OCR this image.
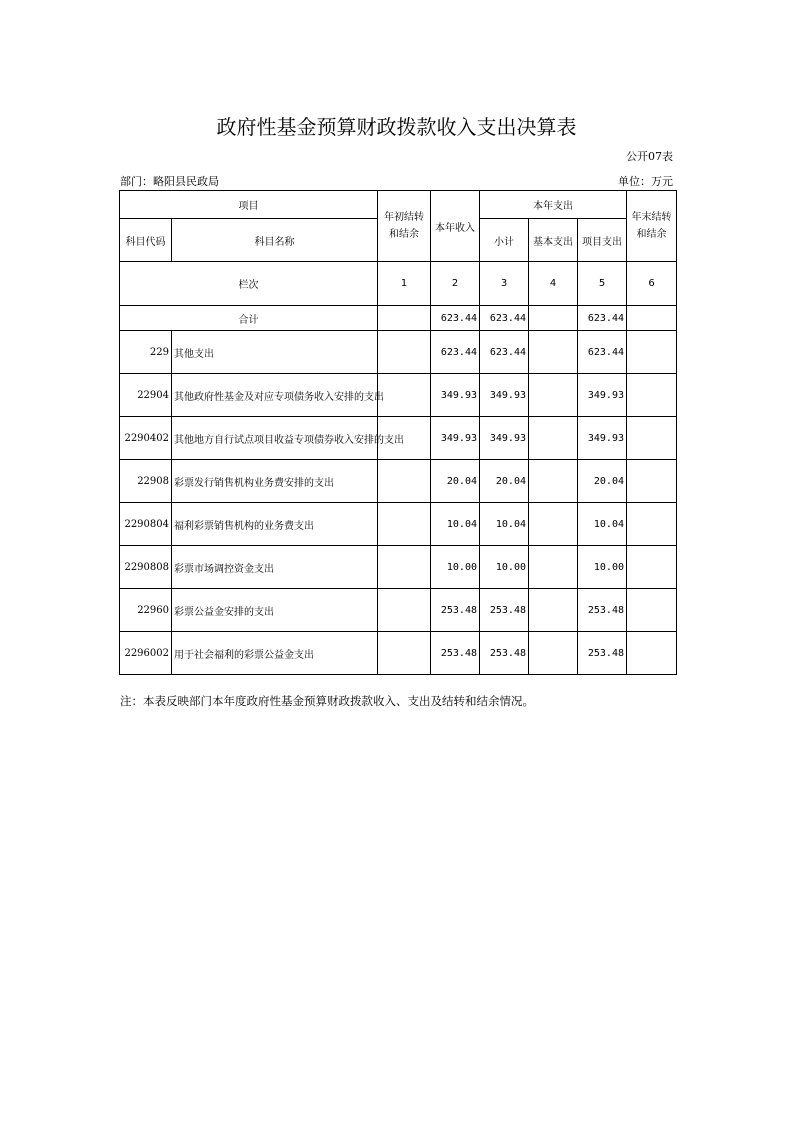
政府性基金预算财政拨款收入支出决算表
公开07表
部门：略阳县民政局	单位：万元
项目		年初结转和结余	本年收入	本年支出			年末结转和结余
科目代码	科目名称			小计	基本支出	项目支出	
栏次		1	2	3	4	5	6
合计			623.44	623.44		623.44	
229	其他支出		623.44	623.44		623.44	
22904	其他政府性基金及对应专项债务收入安排的支出		349.93	349.93		349.93	
2290402	其他地方自行试点项目收益专项债券收入安排的支出		349.93	349.93		349.93	
22908	彩票发行销售机构业务费安排的支出		20.04	20.04		20.04	
2290804	福利彩票销售机构的业务费支出		10.04	10.04		10.04	
2290808	彩票市场调控资金支出		10.00	10.00		10.00	
22960	彩票公益金安排的支出		253.48	253.48		253.48	
2296002	用于社会福利的彩票公益金支出		253.48	253.48		253.48	
注：本表反映部门本年度政府性基金预算财政拨款收入、支出及结转和结余情况。
